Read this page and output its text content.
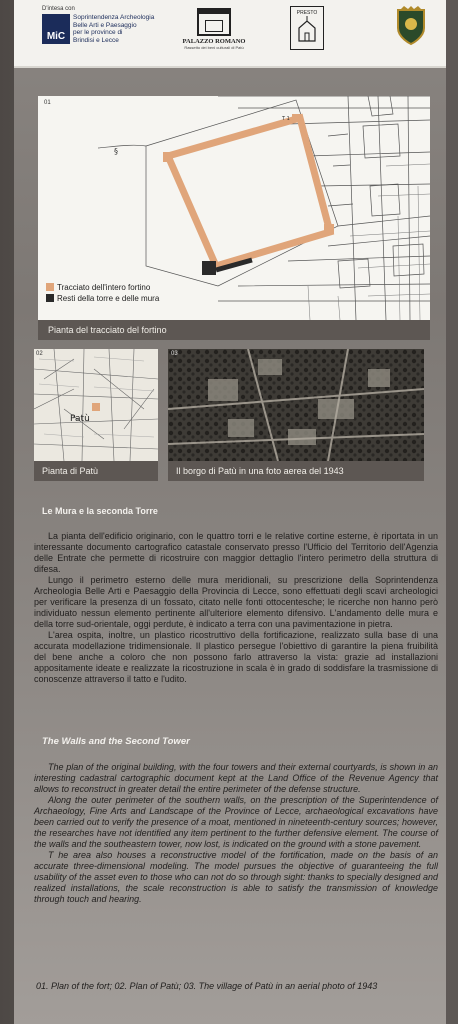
D'intesa con
MiC
Soprintendenza Archeologia
Belle Arti e Paesaggio
per le province di
Brindisi e Lecce	PALAZZO ROMANO
Rassetto dei beni culturali di Patù
PRESTO
§
T 1
01
Tracciato dell'intero fortino
Resti della torre e delle mura
Pianta del tracciato del fortino
Patù
02
Pianta di Patù
03
Il borgo di Patù in una foto aerea del 1943
Le Mura e la seconda Torre

La pianta dell'edificio originario, con le quattro torri e le relative cortine esterne, è riportata in un interessante documento cartografico catastale conservato presso l'Ufficio del Territorio dell'Agenzia delle Entrate che permette di ricostruire con maggior dettaglio l'intero perimetro della struttura di difesa.

Lungo il perimetro esterno delle mura meridionali, su prescrizione della Soprintendenza Archeologia Belle Arti e Paesaggio della Provincia di Lecce, sono effettuati degli scavi archeologici per verificare la presenza di un fossato, citato nelle fonti ottocentesche; le ricerche non hanno però individuato nessun elemento pertinente all'ulteriore elemento difensivo. L'andamento delle mura e della torre sud-orientale, oggi perdute, è indicato a terra con una pavimentazione in pietra.

L'area ospita, inoltre, un plastico ricostruttivo della fortificazione, realizzato sulla base di una accurata modellazione tridimensionale. Il plastico persegue l'obiettivo di garantire la piena fruibilità del bene anche a coloro che non possono farlo attraverso la vista: grazie ad installazioni appositamente ideate e realizzate la ricostruzione in scala è in grado di soddisfare la trasmissione di conoscenze attraverso il tatto e l'udito.

The Walls and the Second Tower

The plan of the original building, with the four towers and their external courtyards, is shown in an interesting cadastral cartographic document kept at the Land Office of the Revenue Agency that allows to reconstruct in greater detail the entire perimeter of the defense structure.

Along the outer perimeter of the southern walls, on the prescription of the Superintendence of Archaeology, Fine Arts and Landscape of the Province of Lecce, archaeological excavations have been carried out to verify the presence of a moat, mentioned in nineteenth-century sources; however, the researches have not identified any item pertinent to the further defensive element. The course of the walls and the southeastern tower, now lost, is indicated on the ground with a stone pavement.

T he area also houses a reconstructive model of the fortification, made on the basis of an accurate three-dimensional modeling. The model pursues the objective of guaranteeing the full usability of the asset even to those who can not do so through sight: thanks to specially designed and realized installations, the scale reconstruction is able to satisfy the transmission of knowledge through touch and hearing.

01. Plan of the fort; 02. Plan of Patù; 03. The village of Patù in an aerial photo of 1943
